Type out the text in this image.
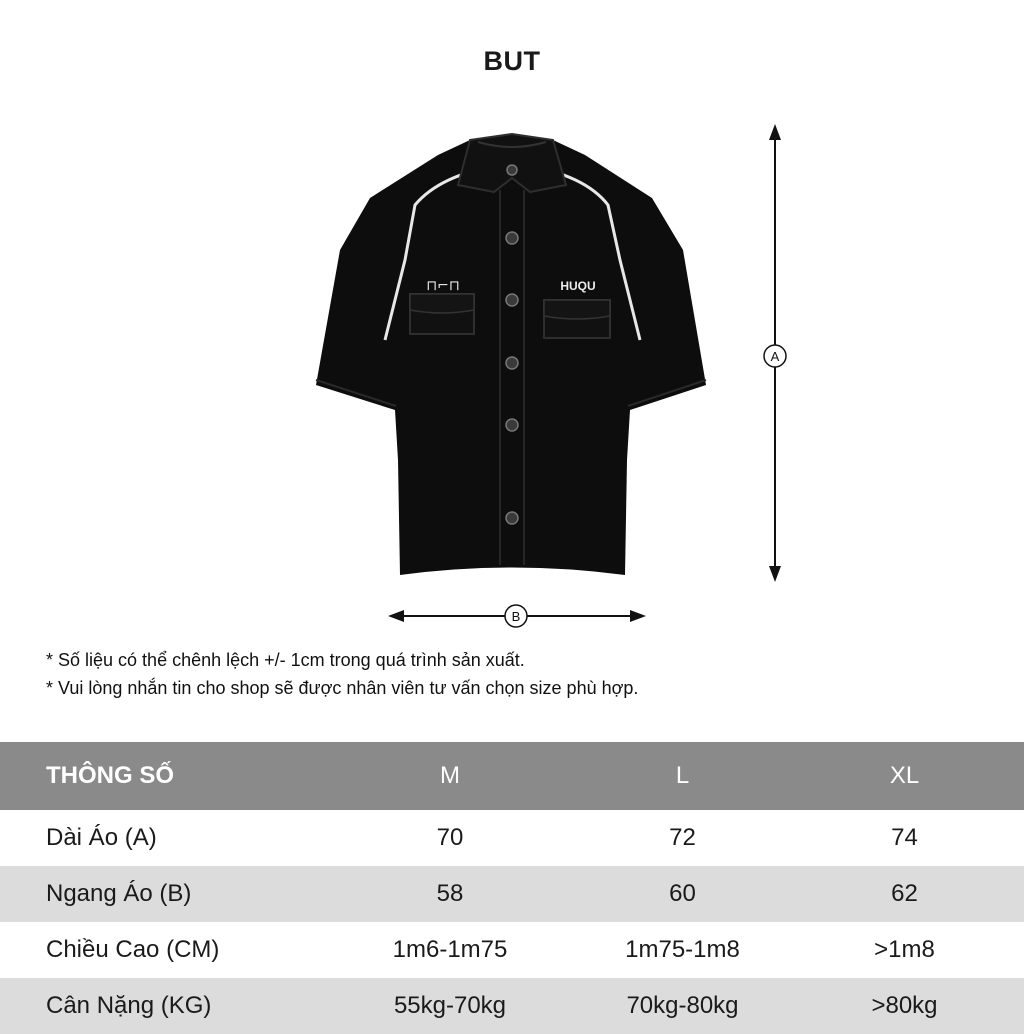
BUT
⊓⌐⊓	HUQU
A
B
* Số liệu có thể chênh lệch +/- 1cm trong quá trình sản xuất.
* Vui lòng nhắn tin cho shop sẽ được nhân viên tư vấn chọn size phù hợp.
THÔNG SỐ	M	L	XL
Dài Áo (A)	70	72	74
Ngang Áo (B)	58	60	62
Chiều Cao (CM)	1m6-1m75	1m75-1m8	>1m8
Cân Nặng (KG)	55kg-70kg	70kg-80kg	>80kg
